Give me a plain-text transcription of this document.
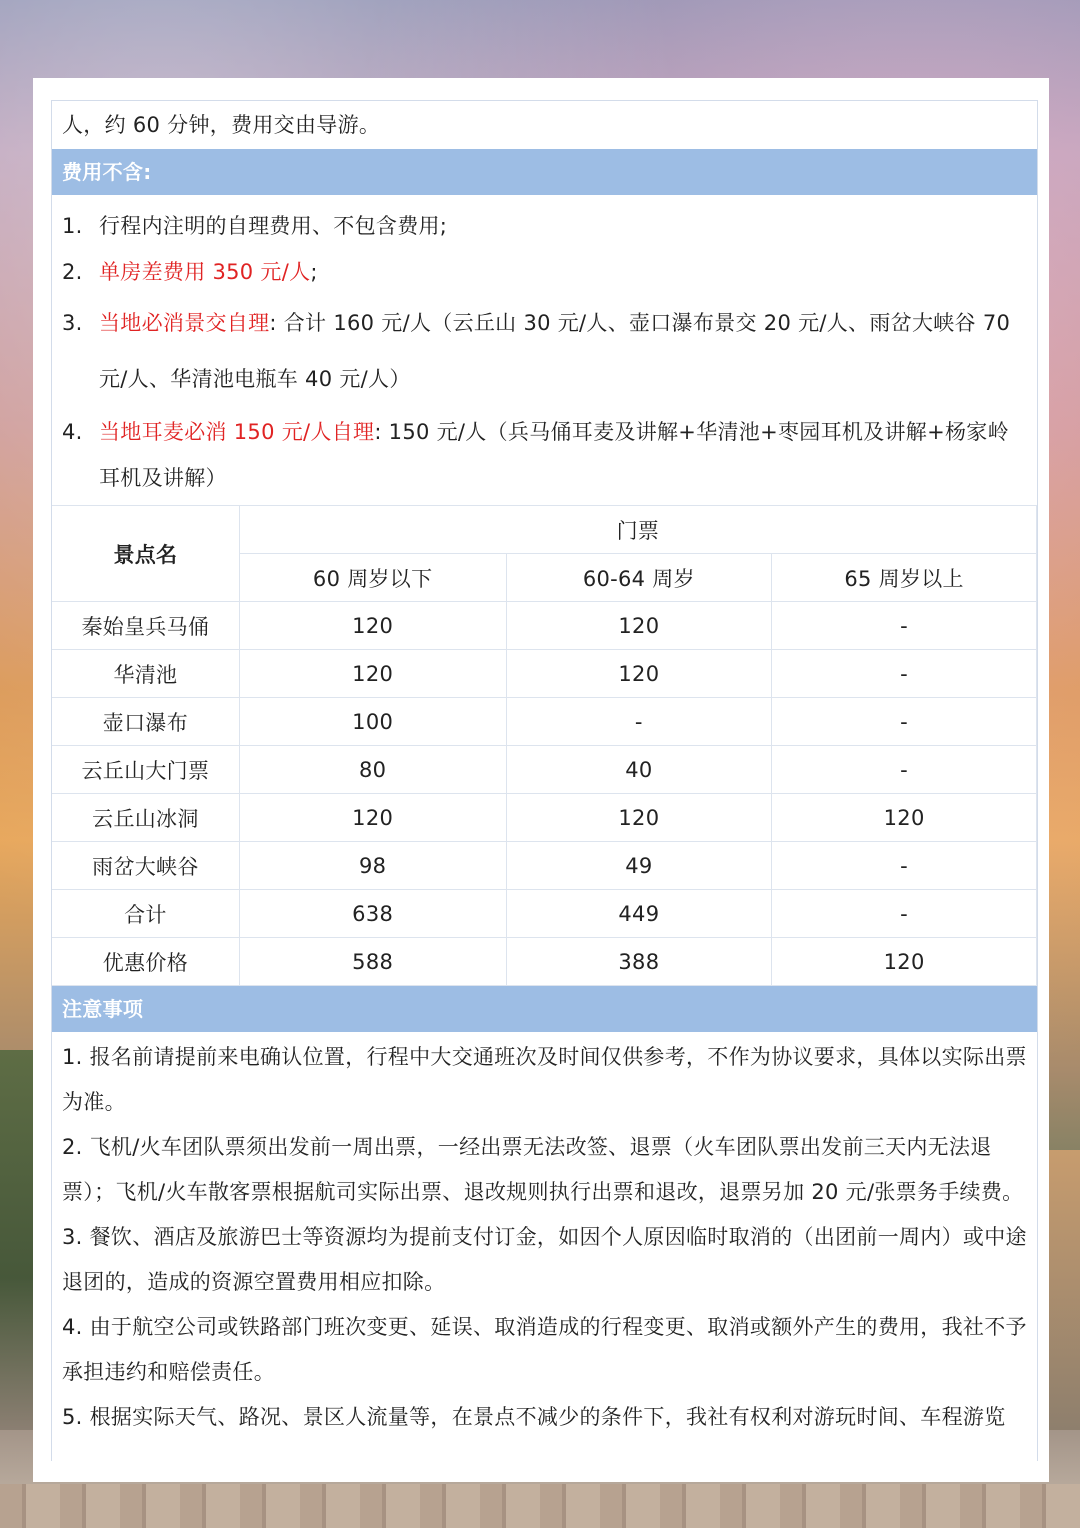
人，约 60 分钟，费用交由导游。
费用不含:
1. 行程内注明的自理费用、不包含费用;
2. 单房差费用 350 元/人;
3. 当地必消景交自理: 合计 160 元/人（云丘山 30 元/人、壶口瀑布景交 20 元/人、雨岔大峡谷 70 元/人、华清池电瓶车 40 元/人）
4. 当地耳麦必消 150 元/人自理: 150 元/人（兵马俑耳麦及讲解+华清池+枣园耳机及讲解+杨家岭耳机及讲解）
景点名	门票		
	60 周岁以下	60-64 周岁	65 周岁以上
秦始皇兵马俑	120	120	-
华清池	120	120	-
壶口瀑布	100	-	-
云丘山大门票	80	40	-
云丘山冰洞	120	120	120
雨岔大峡谷	98	49	-
合计	638	449	-
优惠价格	588	388	120
注意事项
1. 报名前请提前来电确认位置，行程中大交通班次及时间仅供参考，不作为协议要求，具体以实际出票为准。
2. 飞机/火车团队票须出发前一周出票，一经出票无法改签、退票（火车团队票出发前三天内无法退票）；飞机/火车散客票根据航司实际出票、退改规则执行出票和退改，退票另加 20 元/张票务手续费。
3. 餐饮、酒店及旅游巴士等资源均为提前支付订金，如因个人原因临时取消的（出团前一周内）或中途退团的，造成的资源空置费用相应扣除。
4. 由于航空公司或铁路部门班次变更、延误、取消造成的行程变更、取消或额外产生的费用，我社不予承担违约和赔偿责任。
5. 根据实际天气、路况、景区人流量等，在景点不减少的条件下，我社有权利对游玩时间、车程游览
